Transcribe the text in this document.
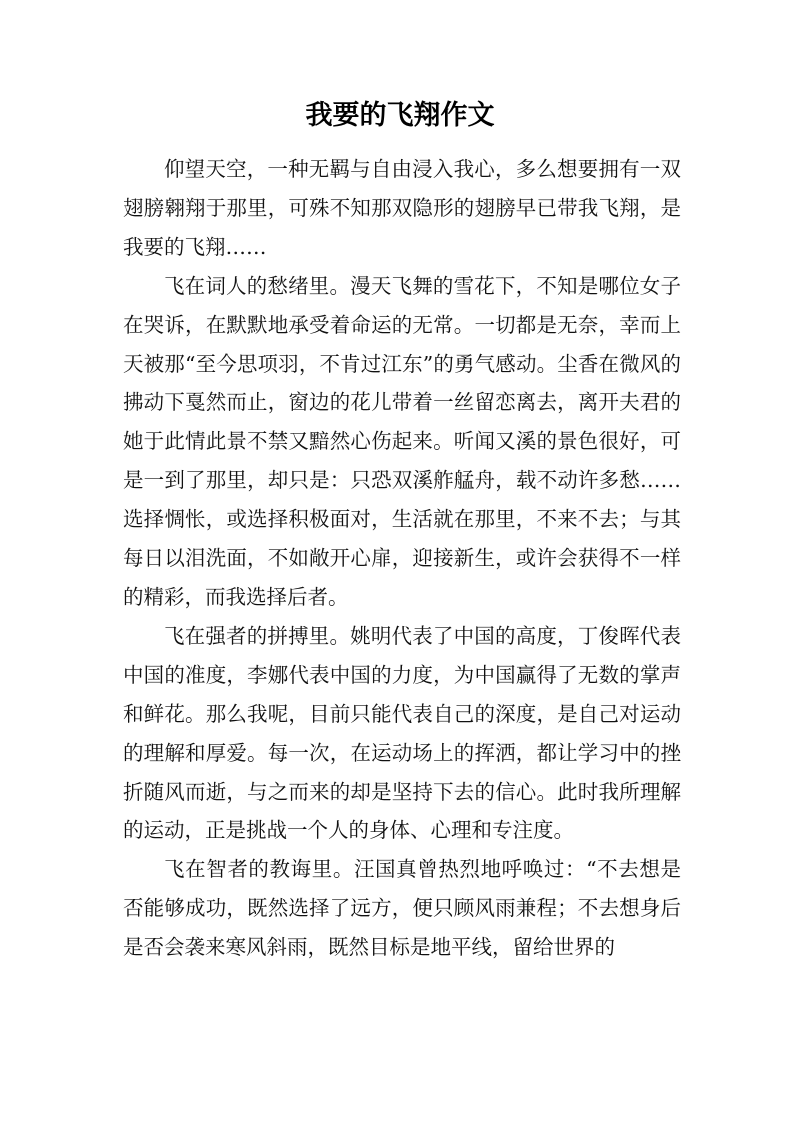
我要的飞翔作文

仰望天空，一种无羁与自由浸入我心，多么想要拥有一双翅膀翱翔于那里，可殊不知那双隐形的翅膀早已带我飞翔，是我要的飞翔……

飞在词人的愁绪里。漫天飞舞的雪花下，不知是哪位女子在哭诉，在默默地承受着命运的无常。一切都是无奈，幸而上天被那“至今思项羽，不肯过江东”的勇气感动。尘香在微风的拂动下戛然而止，窗边的花儿带着一丝留恋离去，离开夫君的她于此情此景不禁又黯然心伤起来。听闻又溪的景色很好，可是一到了那里，却只是：只恐双溪舴艋舟，载不动许多愁……选择惆怅，或选择积极面对，生活就在那里，不来不去；与其每日以泪洗面，不如敞开心扉，迎接新生，或许会获得不一样的精彩，而我选择后者。

飞在强者的拼搏里。姚明代表了中国的高度，丁俊晖代表中国的准度，李娜代表中国的力度，为中国赢得了无数的掌声和鲜花。那么我呢，目前只能代表自己的深度，是自己对运动的理解和厚爱。每一次，在运动场上的挥洒，都让学习中的挫折随风而逝，与之而来的却是坚持下去的信心。此时我所理解的运动，正是挑战一个人的身体、心理和专注度。

飞在智者的教诲里。汪国真曾热烈地呼唤过：“不去想是否能够成功，既然选择了远方，便只顾风雨兼程；不去想身后是否会袭来寒风斜雨，既然目标是地平线，留给世界的
